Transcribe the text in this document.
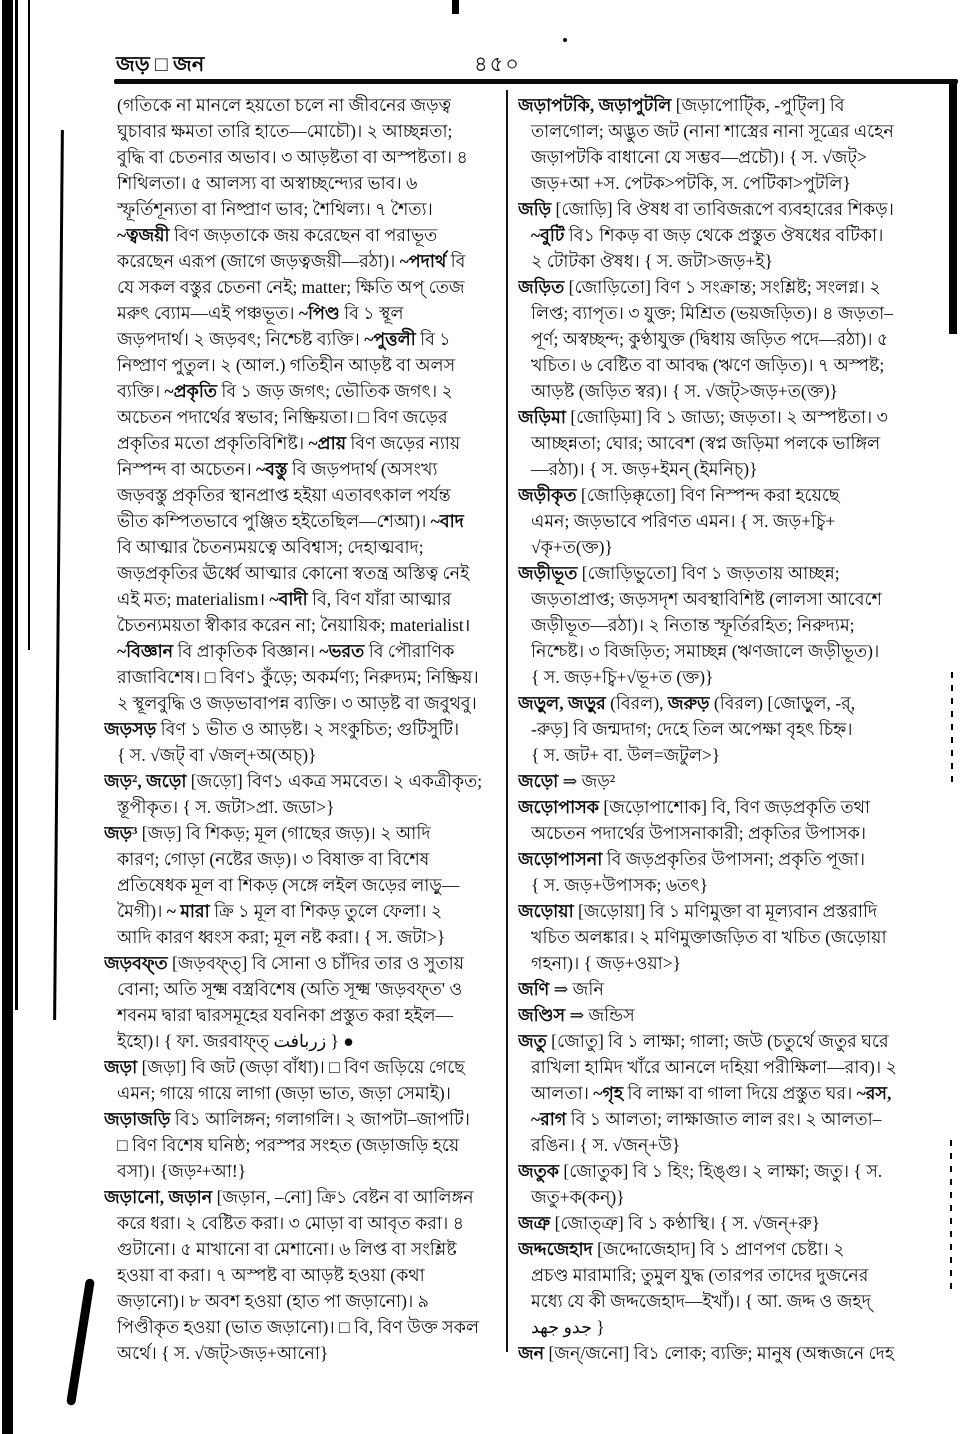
জড় □ জন	৪৫০
(গতিকে না মানলে হয়তো চলে না জীবনের জড়ত্ব
ঘুচাবার ক্ষমতা তারি হাতে—মোচৌ)। ২ আচ্ছন্নতা;
বুদ্ধি বা চেতনার অভাব। ৩ আড়ষ্টতা বা অস্পষ্টতা। ৪
শিথিলতা। ৫ আলস্য বা অস্বাচ্ছন্দ্যের ভাব। ৬
স্ফূর্তিশূন্যতা বা নিষ্প্রাণ ভাব; শৈথিল্য। ৭ শৈত্য।
~ত্বজয়ী বিণ জড়তাকে জয় করেছেন বা পরাভূত
করেছেন এরূপ (জাগে জড়ত্বজয়ী—রঠা)। ~পদার্থ বি
যে সকল বস্তুর চেতনা নেই; matter; ক্ষিতি অপ্ তেজ
মরুৎ ব্যোম—এই পঞ্চভূত। ~পিণ্ড বি ১ স্থূল
জড়পদার্থ। ২ জড়বৎ; নিশ্চেষ্ট ব্যক্তি। ~পুত্তলী বি ১
নিষ্প্রাণ পুতুল। ২ (আল.) গতিহীন আড়ষ্ট বা অলস
ব্যক্তি। ~প্রকৃতি বি ১ জড় জগৎ; ভৌতিক জগৎ। ২
অচেতন পদার্থের স্বভাব; নিষ্ক্রিয়তা। □ বিণ জড়ের
প্রকৃতির মতো প্রকৃতিবিশিষ্ট। ~প্রায় বিণ জড়ের ন্যায়
নিস্পন্দ বা অচেতন। ~বস্তু বি জড়পদার্থ (অসংখ্য
জড়বস্তু প্রকৃতির স্থানপ্রাপ্ত হইয়া এতাবৎকাল পর্যন্ত
ভীত কম্পিতভাবে পুঞ্জিত হইতেছিল—শেআ)। ~বাদ
বি আত্মার চৈতন্যময়ত্বে অবিশ্বাস; দেহাত্মবাদ;
জড়প্রকৃতির ঊর্ধ্বে আত্মার কোনো স্বতন্ত্র অস্তিত্ব নেই
এই মত; materialism। ~বাদী বি, বিণ যাঁরা আত্মার
চৈতন্যময়তা স্বীকার করেন না; নৈয়ায়িক; materialist।
~বিজ্ঞান বি প্রাকৃতিক বিজ্ঞান। ~ভরত বি পৌরাণিক
রাজাবিশেষ। □ বিণ১ কুঁড়ে; অকর্মণ্য; নিরুদ্যম; নিষ্ক্রিয়।
২ স্থূলবুদ্ধি ও জড়ভাবাপন্ন ব্যক্তি। ৩ আড়ষ্ট বা জবুথবু।
জড়সড় বিণ ১ ভীত ও আড়ষ্ট। ২ সংকুচিত; গুটিসুটি।
{ স. √জট্ বা √জল্+অ(অচ্)}
জড়², জড়ো [জড়ো] বিণ১ একত্র সমবেত। ২ একত্রীকৃত;
স্তূপীকৃত। { স. জটা>প্রা. জডা>}
জড়³ [জড়] বি শিকড়; মূল (গাছের জড়)। ২ আদি
কারণ; গোড়া (নষ্টের জড়)। ৩ বিষাক্ত বা বিশেষ
প্রতিষেধক মূল বা শিকড় (সঙ্গে লইল জড়ের লাড়ু—
মৈগী)। ~ মারা ক্রি ১ মূল বা শিকড় তুলে ফেলা। ২
আদি কারণ ধ্বংস করা; মূল নষ্ট করা। { স. জটা>}
জড়বফ্ত [জড়বফ্ত্] বি সোনা ও চাঁদির তার ও সুতায়
বোনা; অতি সূক্ষ্ম বস্ত্রবিশেষ (অতি সূক্ষ্ম 'জড়বফ্ত' ও
শবনম দ্বারা দ্বারসমূহের যবনিকা প্রস্তুত করা হইল—
ইহো)। { ফা. জরবাফ্ত্ زربافت } ●
জড়া [জড়া] বি জট (জড়া বাঁধা)। □ বিণ জড়িয়ে গেছে
এমন; গায়ে গায়ে লাগা (জড়া ভাত, জড়া সেমাই)।
জড়াজড়ি বি১ আলিঙ্গন; গলাগলি। ২ জাপটা–জাপটি।
□ বিণ বিশেষ ঘনিষ্ঠ; পরস্পর সংহত (জড়াজড়ি হয়ে
বসা)। {জড়²+আ!}
জড়ানো, জড়ান [জড়ান, –নো] ক্রি১ বেষ্টন বা আলিঙ্গন
করে ধরা। ২ বেষ্টিত করা। ৩ মোড়া বা আবৃত করা। ৪
গুটানো। ৫ মাখানো বা মেশানো। ৬ লিপ্ত বা সংশ্লিষ্ট
হওয়া বা করা। ৭ অস্পষ্ট বা আড়ষ্ট হওয়া (কথা
জড়ানো)। ৮ অবশ হওয়া (হাত পা জড়ানো)। ৯
পিণ্ডীকৃত হওয়া (ভাত জড়ানো)। □ বি, বিণ উক্ত সকল
অর্থে। { স. √জট্>জড়+আনো}
জড়াপটকি, জড়াপুটলি [জড়াপোট্কি, -পুট্লি] বি
তালগোল; অদ্ভুত জট (নানা শাস্ত্রের নানা সূত্রের এহেন
জড়াপটকি বাধানো যে সম্ভব—প্রচৌ)। { স. √জট্>
জড়+আ +স. পেটক>পটকি, স. পেটিকা>পুটলি}
জড়ি [জোড়ি] বি ঔষধ বা তাবিজরূপে ব্যবহারের শিকড়।
~বুটি বি১ শিকড় বা জড় থেকে প্রস্তুত ঔষধের বটিকা।
২ টোটকা ঔষধ। { স. জটা>জড়+ই}
জড়িত [জোড়িতো] বিণ ১ সংক্রান্ত; সংশ্লিষ্ট; সংলগ্ন। ২
লিপ্ত; ব্যাপৃত। ৩ যুক্ত; মিশ্রিত (ভয়জড়িত)। ৪ জড়তা–
পূর্ণ; অস্বচ্ছন্দ; কুণ্ঠাযুক্ত (দ্বিধায় জড়িত পদে—রঠা)। ৫
খচিত। ৬ বেষ্টিত বা আবদ্ধ (ঋণে জড়িত)। ৭ অস্পষ্ট;
আড়ষ্ট (জড়িত স্বর)। { স. √জট্>জড়+ত(ক্ত)}
জড়িমা [জোড়িমা] বি ১ জাড্য; জড়তা। ২ অস্পষ্টতা। ৩
আচ্ছন্নতা; ঘোর; আবেশ (স্বপ্ন জড়িমা পলকে ভাঙ্গিল
—রঠা)। { স. জড়+ইমন্ (ইমনিচ্)}
জড়ীকৃত [জোড়িক্কৃতো] বিণ নিস্পন্দ করা হয়েছে
এমন; জড়ভাবে পরিণত এমন। { স. জড়+চ্বি+
√কৃ+ত(ক্ত)}
জড়ীভূত [জোড়িভুতো] বিণ ১ জড়তায় আচ্ছন্ন;
জড়তাপ্রাপ্ত; জড়সদৃশ অবস্থাবিশিষ্ট (লালসা আবেশে
জড়ীভূত—রঠা)। ২ নিতান্ত স্ফূর্তিরহিত; নিরুদ্যম;
নিশ্চেষ্ট। ৩ বিজড়িত; সমাচ্ছন্ন (ঋণজালে জড়ীভূত)।
{ স. জড়+চ্বি+√ভূ+ত (ক্ত)}
জড়ুল, জড়ুর (বিরল), জরুড় (বিরল) [জোড়ুল, -র্,
-রুড়] বি জন্মদাগ; দেহে তিল অপেক্ষা বৃহৎ চিহ্ন।
{ স. জট+ বা. উল=জটুল>}
জড়ো ⇒ জড়²
জড়োপাসক [জড়োপাশোক] বি, বিণ জড়প্রকৃতি তথা
অচেতন পদার্থের উপাসনাকারী; প্রকৃতির উপাসক।
জড়োপাসনা বি জড়প্রকৃতির উপাসনা; প্রকৃতি পূজা।
{ স. জড়+উপাসক; ৬তৎ}
জড়োয়া [জড়োয়া] বি ১ মণিমুক্তা বা মূল্যবান প্রস্তরাদি
খচিত অলঙ্কার। ২ মণিমুক্তাজড়িত বা খচিত (জড়োয়া
গহনা)। { জড়+ওয়া>}
জণি ⇒ জনি
জণ্ডিস ⇒ জন্ডিস
জতু [জোতু] বি ১ লাক্ষা; গালা; জউ (চতুর্থে জতুর ঘরে
রাখিলা হামিদ খাঁরে আনলে দহিয়া পরীক্ষিলা—রাব)। ২
আলতা। ~গৃহ বি লাক্ষা বা গালা দিয়ে প্রস্তুত ঘর। ~রস,
~রাগ বি ১ আলতা; লাক্ষাজাত লাল রং। ২ আলতা–
রঙিন। { স. √জন্+উ}
জতুক [জোতুক] বি ১ হিং; হিঙ্গু। ২ লাক্ষা; জতু। { স.
জতু+ক(কন্)}
জত্রু [জোত্ত্রু] বি ১ কণ্ঠাস্থি। { স. √জন্+রু}
জদ্দজেহাদ [জদ্দোজেহাদ] বি ১ প্রাণপণ চেষ্টা। ২
প্রচণ্ড মারামারি; তুমুল যুদ্ধ (তারপর তাদের দুজনের
মধ্যে যে কী জদ্দজেহাদ—ইখাঁ)। { আ. জদ্দ ও জহদ্
جدو جهد }
জন [জন্/জনো] বি১ লোক; ব্যক্তি; মানুষ (অন্ধজনে দেহ
